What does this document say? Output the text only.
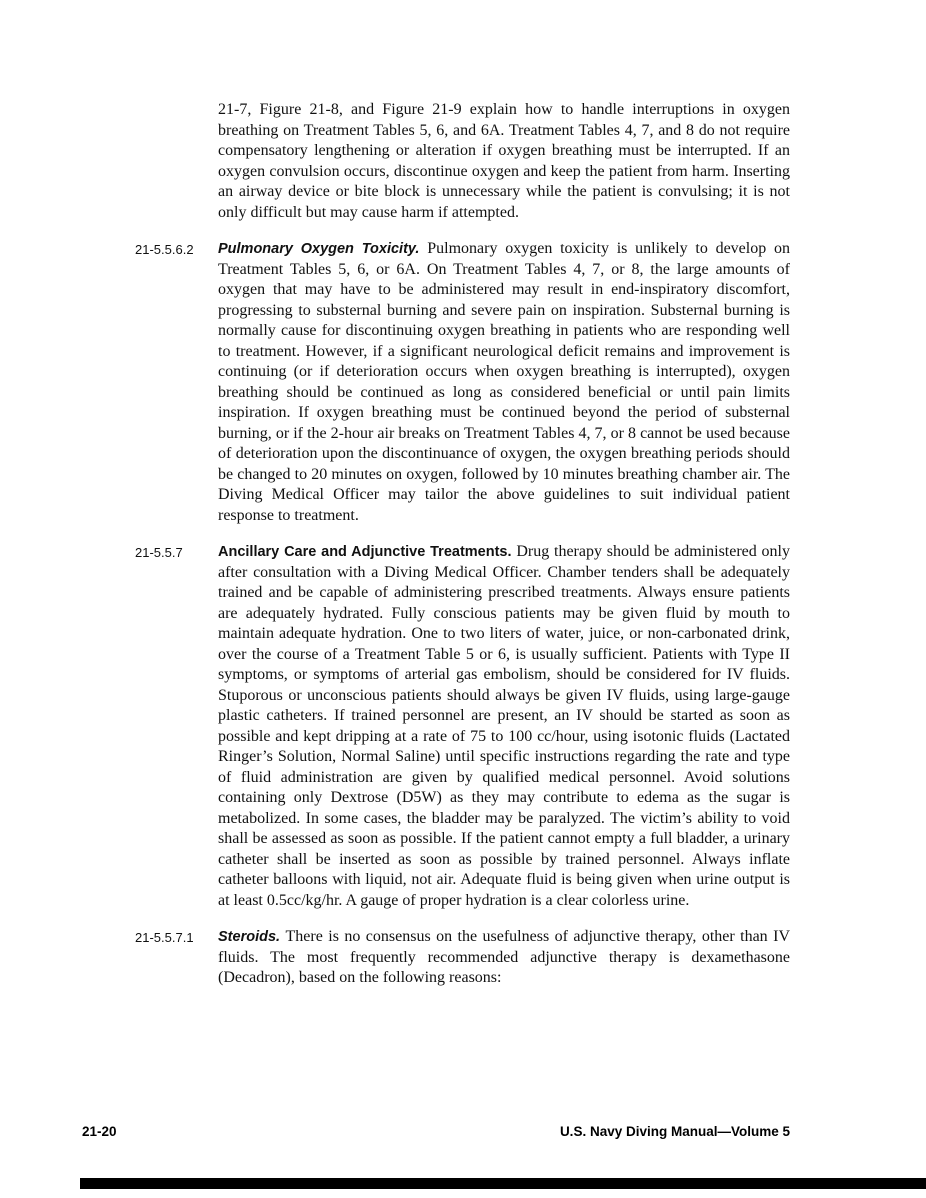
21-7, Figure 21-8, and Figure 21-9 explain how to handle interruptions in oxygen breathing on Treatment Tables 5, 6, and 6A. Treatment Tables 4, 7, and 8 do not require compensatory lengthening or alteration if oxygen breathing must be interrupted. If an oxygen convulsion occurs, discontinue oxygen and keep the patient from harm. Inserting an airway device or bite block is unnecessary while the patient is convulsing; it is not only difficult but may cause harm if attempted.
21-5.5.6.2	Pulmonary Oxygen Toxicity. Pulmonary oxygen toxicity is unlikely to develop on Treatment Tables 5, 6, or 6A. On Treatment Tables 4, 7, or 8, the large amounts of oxygen that may have to be administered may result in end-inspiratory discomfort, progressing to substernal burning and severe pain on inspiration. Substernal burning is normally cause for discontinuing oxygen breathing in patients who are responding well to treatment. However, if a significant neurological deficit remains and improvement is continuing (or if deterioration occurs when oxygen breathing is interrupted), oxygen breathing should be continued as long as considered beneficial or until pain limits inspiration. If oxygen breathing must be continued beyond the period of substernal burning, or if the 2-hour air breaks on Treatment Tables 4, 7, or 8 cannot be used because of deterioration upon the discontinuance of oxygen, the oxygen breathing periods should be changed to 20 minutes on oxygen, followed by 10 minutes breathing chamber air. The Diving Medical Officer may tailor the above guidelines to suit individual patient response to treatment.
21-5.5.7	Ancillary Care and Adjunctive Treatments. Drug therapy should be administered only after consultation with a Diving Medical Officer. Chamber tenders shall be adequately trained and be capable of administering prescribed treatments. Always ensure patients are adequately hydrated. Fully conscious patients may be given fluid by mouth to maintain adequate hydration. One to two liters of water, juice, or non-carbonated drink, over the course of a Treatment Table 5 or 6, is usually sufficient. Patients with Type II symptoms, or symptoms of arterial gas embolism, should be considered for IV fluids. Stuporous or unconscious patients should always be given IV fluids, using large-gauge plastic catheters. If trained personnel are present, an IV should be started as soon as possible and kept dripping at a rate of 75 to 100 cc/hour, using isotonic fluids (Lactated Ringer’s Solution, Normal Saline) until specific instructions regarding the rate and type of fluid administration are given by qualified medical personnel. Avoid solutions containing only Dextrose (D5W) as they may contribute to edema as the sugar is metabolized. In some cases, the bladder may be paralyzed. The victim’s ability to void shall be assessed as soon as possible. If the patient cannot empty a full bladder, a urinary catheter shall be inserted as soon as possible by trained personnel. Always inflate catheter balloons with liquid, not air. Adequate fluid is being given when urine output is at least 0.5cc/kg/hr. A gauge of proper hydration is a clear colorless urine.
21-5.5.7.1	Steroids. There is no consensus on the usefulness of adjunctive therapy, other than IV fluids. The most frequently recommended adjunctive therapy is dexamethasone (Decadron), based on the following reasons:
21-20	U.S. Navy Diving Manual—Volume 5
